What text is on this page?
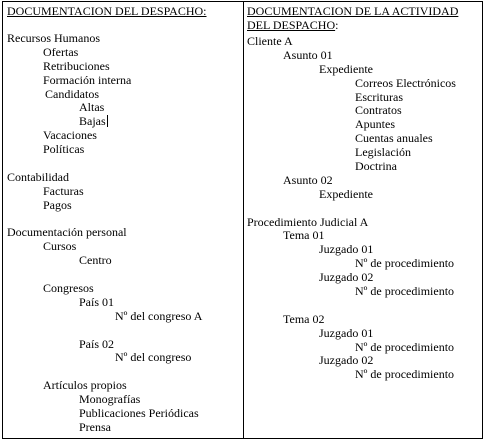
DOCUMENTACION DEL DESPACHO:
Recursos Humanos
Ofertas
Retribuciones
Formación interna
Candidatos
Altas
Bajas
Vacaciones
Políticas
Contabilidad
Facturas
Pagos
Documentación personal
Cursos
Centro
Congresos
País 01
Nº del congreso A
País 02
Nº del congreso
Artículos propios
Monografías
Publicaciones Periódicas
Prensa
DOCUMENTACION DE LA ACTIVIDAD
DEL DESPACHO:
Cliente A
Asunto 01
Expediente
Correos Electrónicos
Escrituras
Contratos
Apuntes
Cuentas anuales
Legislación
Doctrina
Asunto 02
Expediente
Procedimiento Judicial A
Tema 01
Juzgado 01
Nº de procedimiento
Juzgado 02
Nº de procedimiento
Tema 02
Juzgado 01
Nº de procedimiento
Juzgado 02
Nº de procedimiento
